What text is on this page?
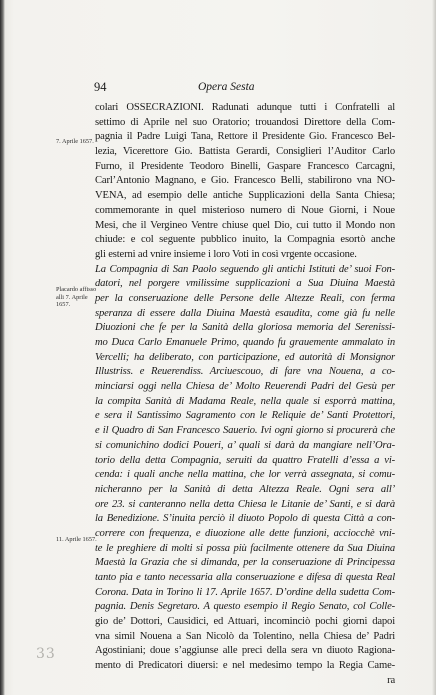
94	Opera Sesta
7. Aprile 1657.
Placardo affisso
alli 7. Aprile
1657.
11. Aprile 1657.
colari OSSECRAZIONI. Radunati adunque tutti i Confratelli al
settimo di Aprile nel suo Oratorio; trouandosi Direttore della Com-
pagnia il Padre Luigi Tana, Rettore il Presidente Gio. Francesco Bel-
lezia, Vicerettore Gio. Battista Gerardi, Consiglieri l’Auditor Carlo
Furno, il Presidente Teodoro Binelli, Gaspare Francesco Carcagni,
Carl’Antonio Magnano, e Gio. Francesco Belli, stabilirono vna NO-
VENA, ad esempio delle antiche Supplicazioni della Santa Chiesa;
commemorante in quel misterioso numero di Noue Giorni, i Noue
Mesi, che il Vergineo Ventre chiuse quel Dio, cui tutto il Mondo non
chiude: e col seguente pubblico inuito, la Compagnia esortò anche
gli esterni ad vnire insieme i loro Voti in così vrgente occasione.
La Compagnia di San Paolo seguendo gli antichi Istituti de’ suoi Fon-
datori, nel porgere vmilissime supplicazioni a Sua Diuina Maestà
per la conseruazione delle Persone delle Altezze Reali, con ferma
speranza di essere dalla Diuina Maestà esaudita, come già fu nelle
Diuozioni che fe per la Sanità della gloriosa memoria del Serenissi-
mo Duca Carlo Emanuele Primo, quando fu grauemente ammalato in
Vercelli; ha deliberato, con participazione, ed autorità di Monsignor
Illustriss. e Reuerendiss. Arciuescouo, di fare vna Nouena, a co-
minciarsi oggi nella Chiesa de’ Molto Reuerendi Padri del Gesù per
la compita Sanità di Madama Reale, nella quale si esporrà mattina,
e sera il Santissimo Sagramento con le Reliquie de’ Santi Protettori,
e il Quadro di San Francesco Sauerio. Ivi ogni giorno si procurerà che
si comunichino dodici Poueri, a’ quali si darà da mangiare nell’Ora-
torio della detta Compagnia, seruiti da quattro Fratelli d’essa a vi-
cenda: i quali anche nella mattina, che lor verrà assegnata, si comu-
nicheranno per la Sanità di detta Altezza Reale. Ogni sera all’
ore 23. si canteranno nella detta Chiesa le Litanie de’ Santi, e si darà
la Benedizione. S’inuita perciò il diuoto Popolo di questa Città a con-
correre con frequenza, e diuozione alle dette funzioni, acciocchè vni-
te le preghiere di molti si possa più facilmente ottenere da Sua Diuina
Maestà la Grazia che si dimanda, per la conseruazione di Principessa
tanto pia e tanto necessaria alla conseruazione e difesa di questa Real
Corona. Data in Torino li 17. Aprile 1657. D’ordine della sudetta Com-
pagnia. Denis Segretaro. A questo esempio il Regio Senato, col Colle-
gio de’ Dottori, Causidici, ed Attuari, incominciò pochi giorni dapoi
vna simil Nouena a San Nicolò da Tolentino, nella Chiesa de’ Padri
Agostiniani; doue s’aggiunse alle preci della sera vn diuoto Ragiona-
mento di Predicatori diuersi: e nel medesimo tempo la Regia Came-
ra
33
